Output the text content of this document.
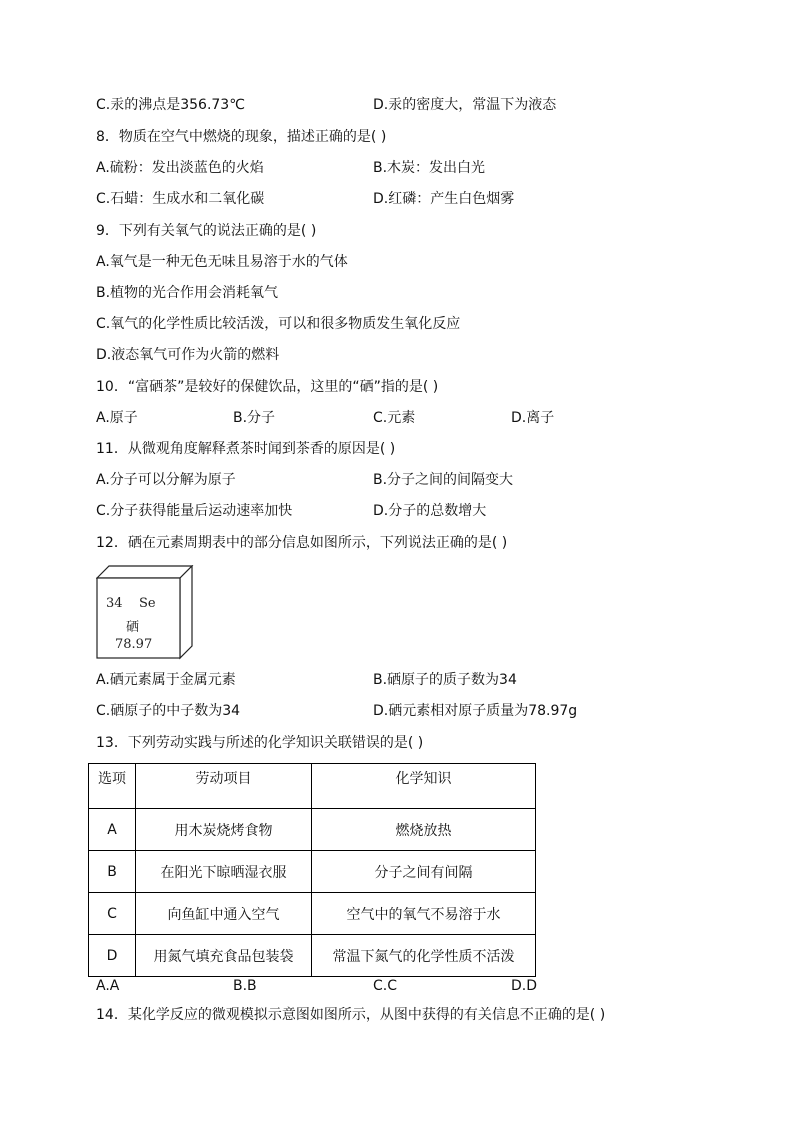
C.汞的沸点是356.73℃	D.汞的密度大，常温下为液态
8．物质在空气中燃烧的现象，描述正确的是( )
A.硫粉：发出淡蓝色的火焰	B.木炭：发出白光
C.石蜡：生成水和二氧化碳	D.红磷：产生白色烟雾
9．下列有关氧气的说法正确的是( )
A.氧气是一种无色无味且易溶于水的气体
B.植物的光合作用会消耗氧气
C.氧气的化学性质比较活泼，可以和很多物质发生氧化反应
D.液态氧气可作为火箭的燃料
10．“富硒茶”是较好的保健饮品，这里的“硒”指的是( )
A.原子	B.分子	C.元素	D.离子
11．从微观角度解释煮茶时闻到茶香的原因是( )
A.分子可以分解为原子	B.分子之间的间隔变大
C.分子获得能量后运动速率加快	D.分子的总数增大
12．硒在元素周期表中的部分信息如图所示，下列说法正确的是( )
34 Se
硒
78.97
A.硒元素属于金属元素	B.硒原子的质子数为34
C.硒原子的中子数为34	D.硒元素相对原子质量为78.97g
13．下列劳动实践与所述的化学知识关联错误的是( )
选项	劳动项目	化学知识
A	用木炭烧烤食物	燃烧放热
B	在阳光下晾晒湿衣服	分子之间有间隔
C	向鱼缸中通入空气	空气中的氧气不易溶于水
D	用氮气填充食品包装袋	常温下氮气的化学性质不活泼
A.A	B.B	C.C	D.D
14．某化学反应的微观模拟示意图如图所示，从图中获得的有关信息不正确的是( )
